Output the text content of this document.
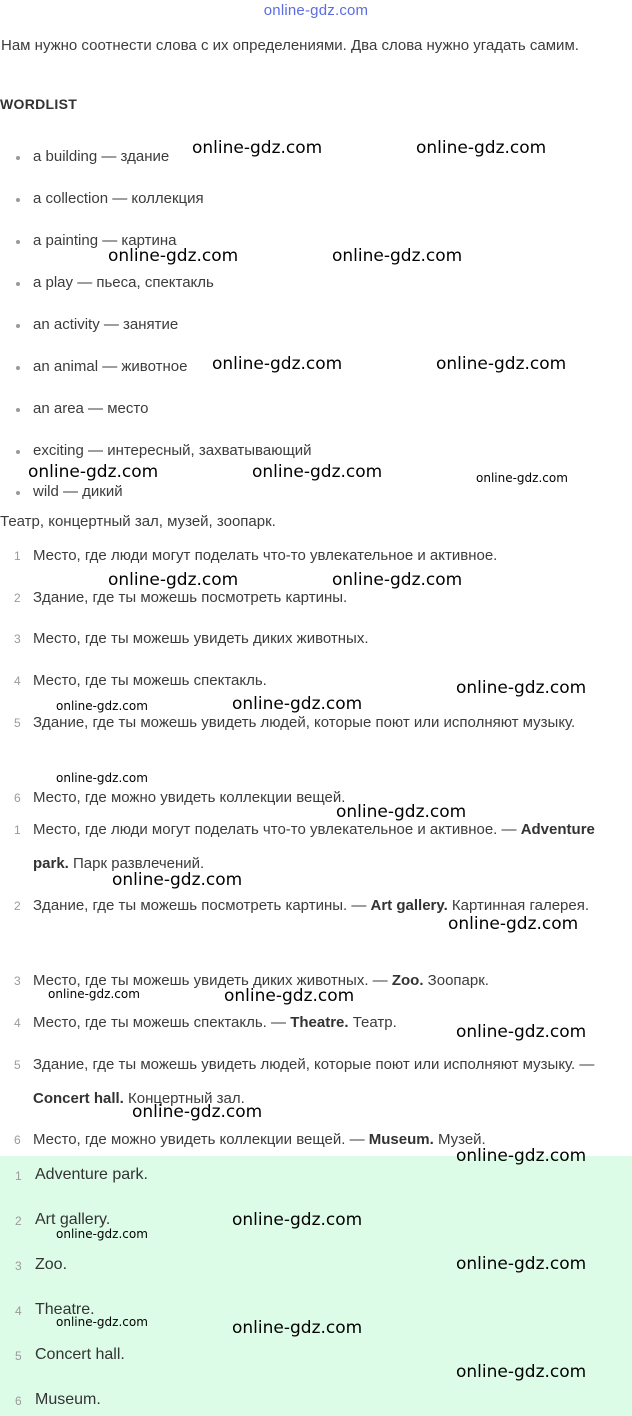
online-gdz.com
Нам нужно соотнести слова с их определениями. Два слова нужно угадать самим.
WORDLIST
a building — здание
a collection — коллекция
a painting — картина
a play — пьеса, спектакль
an activity — занятие
an animal — животное
an area — место
exciting — интересный, захватывающий
wild — дикий
Театр, концертный зал, музей, зоопарк.
1 Место, где люди могут поделать что-то увлекательное и активное.
2 Здание, где ты можешь посмотреть картины.
3 Место, где ты можешь увидеть диких животных.
4 Место, где ты можешь спектакль.
5 Здание, где ты можешь увидеть людей, которые поют или исполняют музыку.
6 Место, где можно увидеть коллекции вещей.
1 Место, где люди могут поделать что-то увлекательное и активное. — Adventure park. Парк развлечений.
2 Здание, где ты можешь посмотреть картины. — Art gallery. Картинная галерея.
3 Место, где ты можешь увидеть диких животных. — Zoo. Зоопарк.
4 Место, где ты можешь спектакль. — Theatre. Театр.
5 Здание, где ты можешь увидеть людей, которые поют или исполняют музыку. — Concert hall. Концертный зал.
6 Место, где можно увидеть коллекции вещей. — Museum. Музей.
1 Adventure park.
2 Art gallery.
3 Zoo.
4 Theatre.
5 Concert hall.
6 Museum.
online-gdz.com	online-gdz.com
online-gdz.com	online-gdz.com
online-gdz.com	online-gdz.com
online-gdz.com	online-gdz.com	online-gdz.com
online-gdz.com	online-gdz.com
online-gdz.com
online-gdz.com	online-gdz.com
online-gdz.com
online-gdz.com
online-gdz.com
online-gdz.com
online-gdz.com	online-gdz.com
online-gdz.com
online-gdz.com
online-gdz.com
online-gdz.com
online-gdz.com
online-gdz.com
online-gdz.com	online-gdz.com
online-gdz.com
